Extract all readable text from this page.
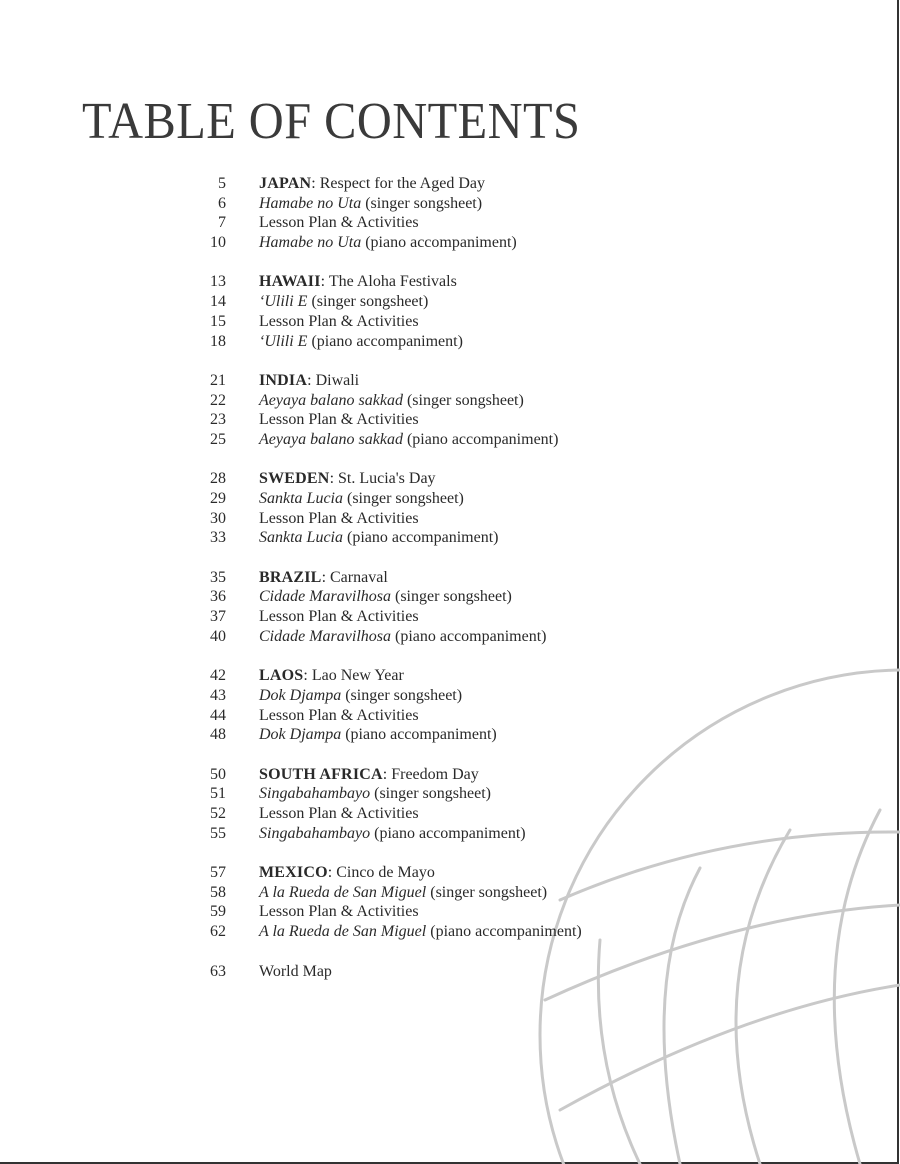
TABLE OF CONTENTS
5 JAPAN: Respect for the Aged Day
6 Hamabe no Uta (singer songsheet)
7 Lesson Plan & Activities
10 Hamabe no Uta (piano accompaniment)
13 HAWAII: The Aloha Festivals
14 ‘Ulili E (singer songsheet)
15 Lesson Plan & Activities
18 ‘Ulili E (piano accompaniment)
21 INDIA: Diwali
22 Aeyaya balano sakkad (singer songsheet)
23 Lesson Plan & Activities
25 Aeyaya balano sakkad (piano accompaniment)
28 SWEDEN: St. Lucia's Day
29 Sankta Lucia (singer songsheet)
30 Lesson Plan & Activities
33 Sankta Lucia (piano accompaniment)
35 BRAZIL: Carnaval
36 Cidade Maravilhosa (singer songsheet)
37 Lesson Plan & Activities
40 Cidade Maravilhosa (piano accompaniment)
42 LAOS: Lao New Year
43 Dok Djampa (singer songsheet)
44 Lesson Plan & Activities
48 Dok Djampa (piano accompaniment)
50 SOUTH AFRICA: Freedom Day
51 Singabahambayo (singer songsheet)
52 Lesson Plan & Activities
55 Singabahambayo (piano accompaniment)
57 MEXICO: Cinco de Mayo
58 A la Rueda de San Miguel (singer songsheet)
59 Lesson Plan & Activities
62 A la Rueda de San Miguel (piano accompaniment)
63 World Map
